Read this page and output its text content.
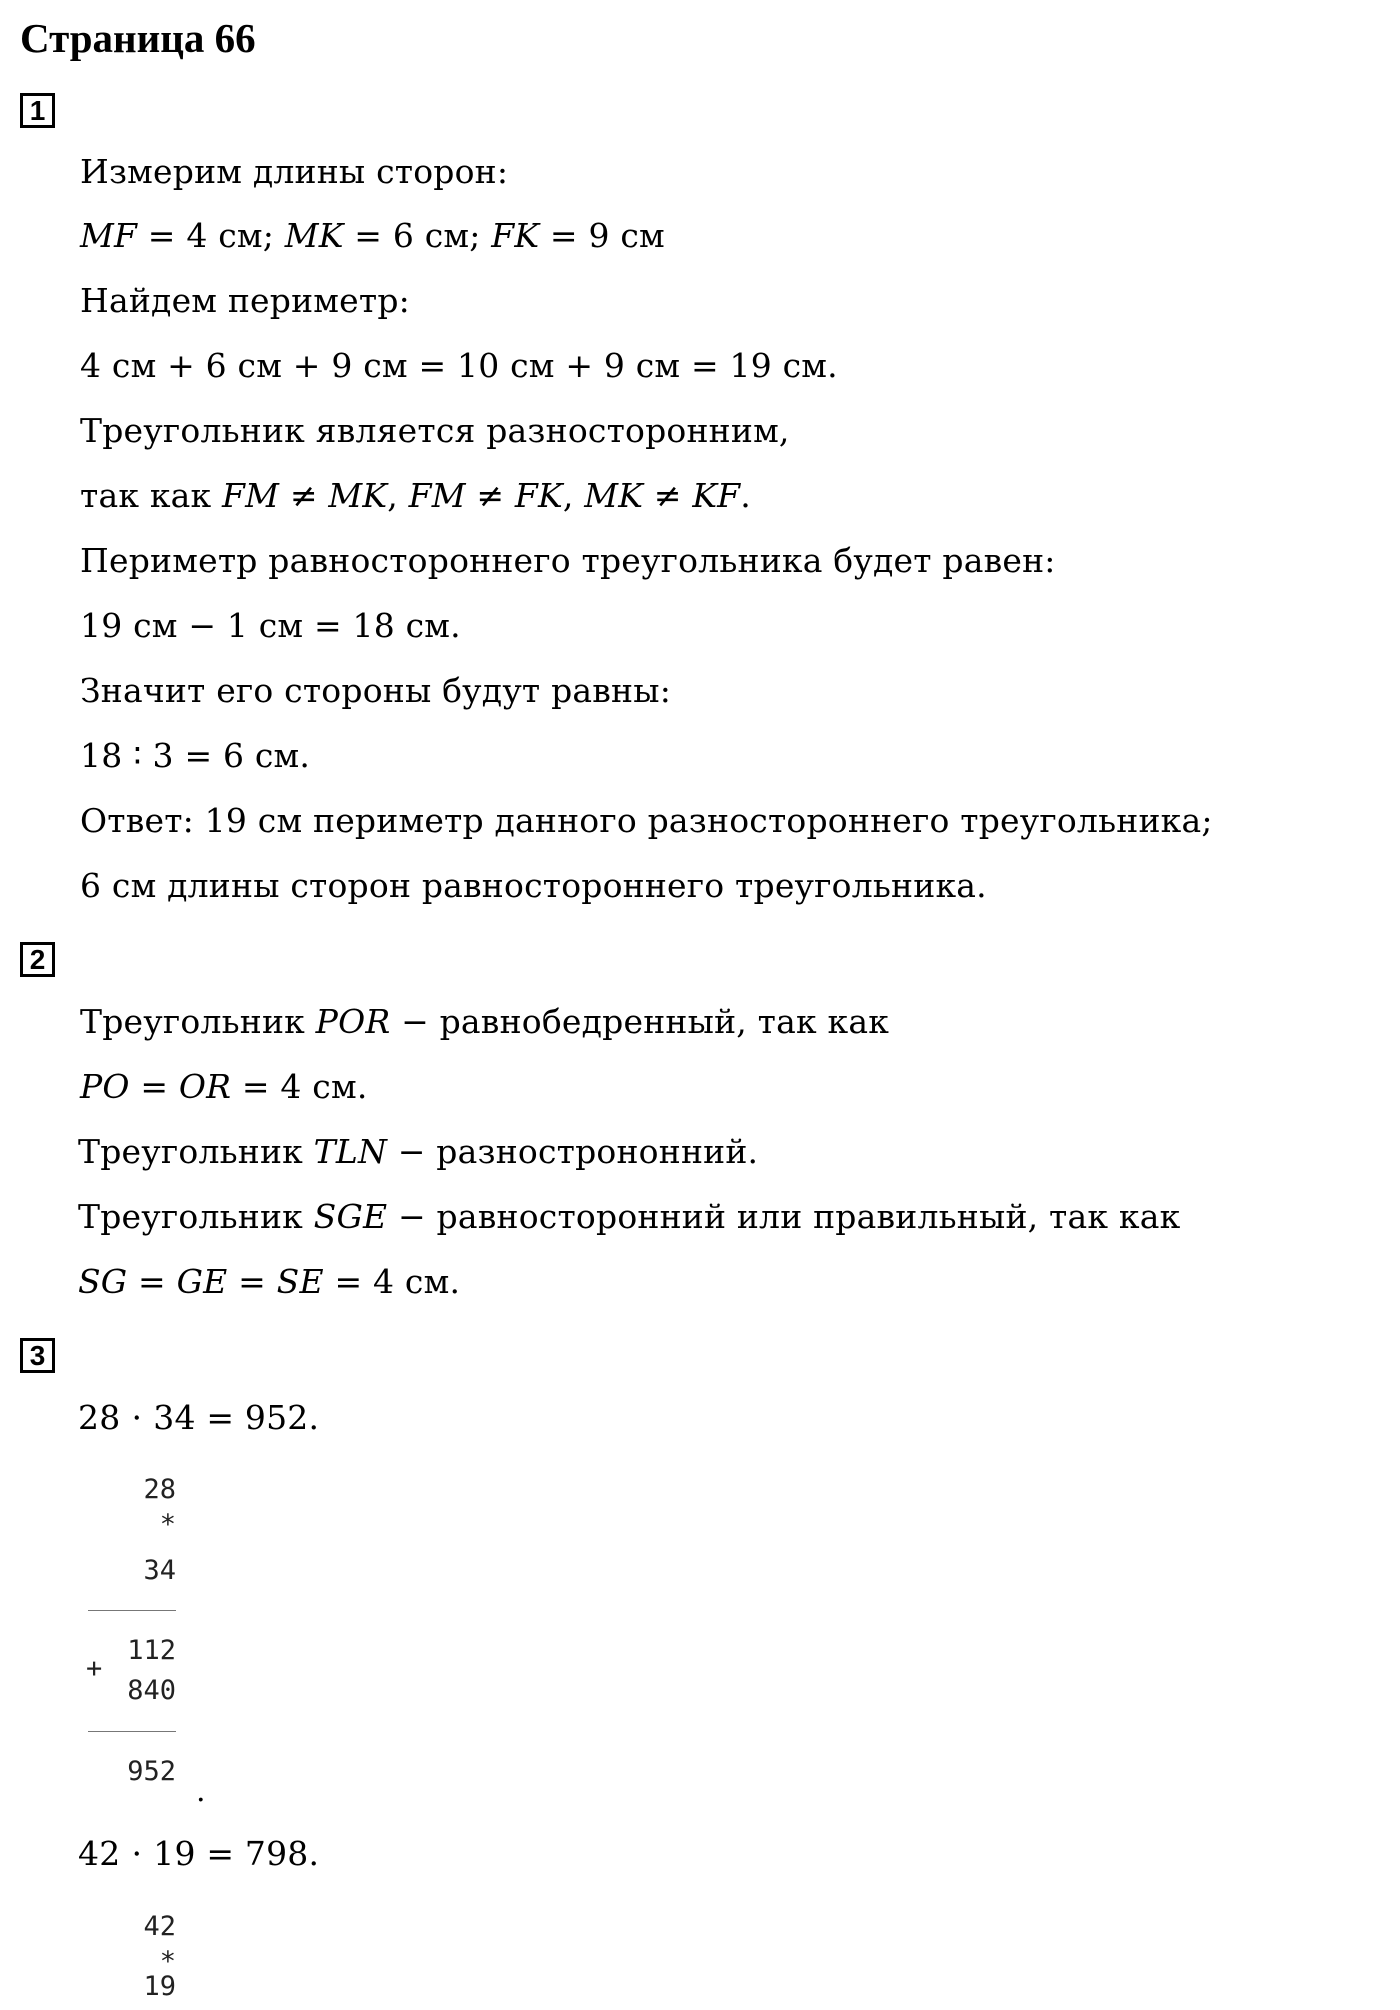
Страница 66
1
Измерим длины сторон:
𝑀𝐹 = 4 см; 𝑀𝐾 = 6 см; 𝐹𝐾 = 9 см
Найдем периметр:
4 см + 6 см + 9 см = 10 см + 9 см = 19 см.
Треугольник является разносторонним,
так как 𝐹𝑀 ≠ 𝑀𝐾, 𝐹𝑀 ≠ 𝐹𝐾, 𝑀𝐾 ≠ 𝐾𝐹.
Периметр равностороннего треугольника будет равен:
19 см − 1 см = 18 см.
Значит его стороны будут равны:
18 ∶ 3 = 6 см.
Ответ: 19 см периметр данного разностороннего треугольника;
6 см длины сторон равностороннего треугольника.
2
Треугольник 𝑃𝑂𝑅 − равнобедренный, так как
𝑃𝑂 = 𝑂𝑅 = 4 см.
Треугольник 𝑇𝐿𝑁 − разнострононний.
Треугольник 𝑆𝐺𝐸 − равносторонний или правильный, так как
𝑆𝐺 = 𝐺𝐸 = 𝑆𝐸 = 4 см.
3
28 ⋅ 34 = 952.
28
*
34
112
+
840
952
.
42 ⋅ 19 = 798.
42
*
19
